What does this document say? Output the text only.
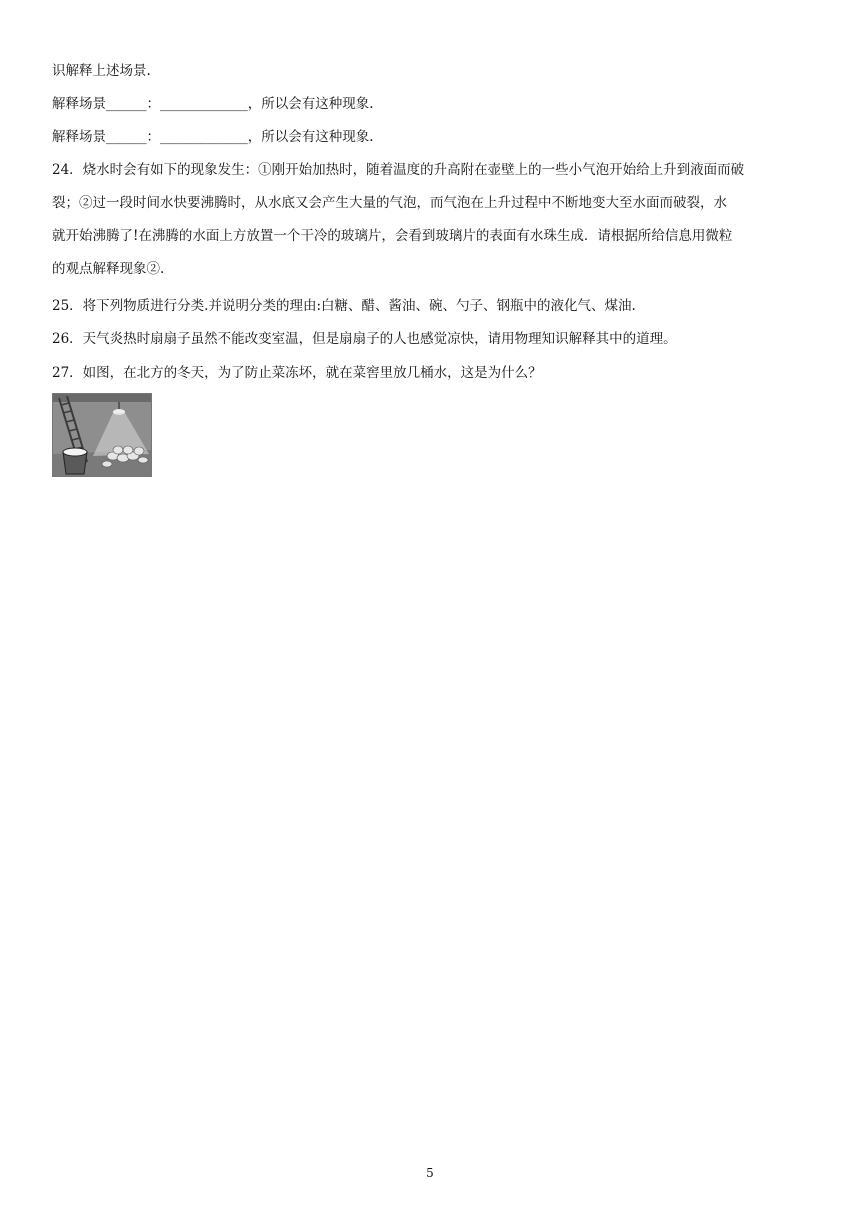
识解释上述场景.
解释场景______：_____________，所以会有这种现象.
解释场景______：_____________，所以会有这种现象.
24．烧水时会有如下的现象发生：①刚开始加热时，随着温度的升高附在壶壁上的一些小气泡开始给上升到液面而破
裂；②过一段时间水快要沸腾时，从水底又会产生大量的气泡，而气泡在上升过程中不断地变大至水面而破裂，水
就开始沸腾了!在沸腾的水面上方放置一个干冷的玻璃片，会看到玻璃片的表面有水珠生成．请根据所给信息用微粒
的观点解释现象②.
25．将下列物质进行分类.并说明分类的理由:白糖、醋、酱油、碗、勺子、钢瓶中的液化气、煤油.
26．天气炎热时扇扇子虽然不能改变室温，但是扇扇子的人也感觉凉快，请用物理知识解释其中的道理。
27．如图，在北方的冬天，为了防止菜冻坏，就在菜窖里放几桶水，这是为什么？
5
